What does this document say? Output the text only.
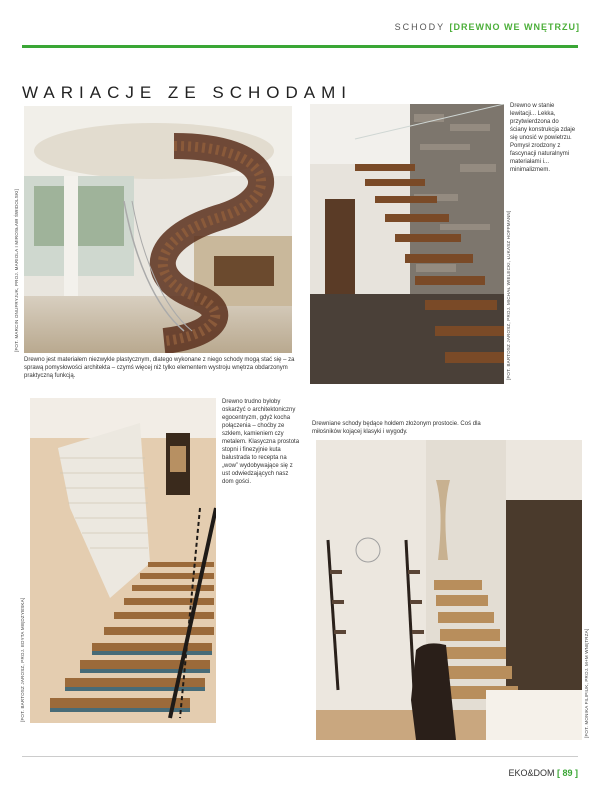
SCHODY [DREWNO WE WNĘTRZU]
WARIACJE ZE SCHODAMI
[FOT. MARCIN ONUFRYJUK, PROJ. MARIOLA I MIROSŁAW ŚWIDOLSKI]
Drewno jest materiałem niezwykle plastycznym, dlatego wykonane z niego schody mogą stać się – za sprawą pomysłowości architekta – czymś więcej niż tylko elementem wystroju wnętrza obdarzonym praktyczną funkcją.
Drewno w stanie lewitacji... Lekka, przytwierdzona do ściany konstrukcja zdaje się unosić w powietrzu. Pomysł zrodzony z fascynacji naturalnymi materiałami i... minimalizmem.
[FOT. BARTOSZ JAROSZ, PROJ. MICHAŁ WIELECKI, ŁUKASZ HOFFMANN]
[FOT. BARTOSZ JAROSZ, PROJ. EDYTA MIĘDZYBSKA]
Drewno trudno byłoby oskarżyć o architektoniczny egocentryzm, gdyż kocha połączenia – choćby ze szkłem, kamieniem czy metalem. Klasyczna prostota stopni i finezyjnie kuta balustrada to recepta na „wow” wydobywające się z ust odwiedzających nasz dom gości.
Drewniane schody będące hołdem złożonym prostocie. Coś dla miłośników kojącej klasyki i wygody.
[FOT. MONIKA FILIPIUK, PROJ. M+M WNĘTRZA]
EKO&DOM [ 89 ]
